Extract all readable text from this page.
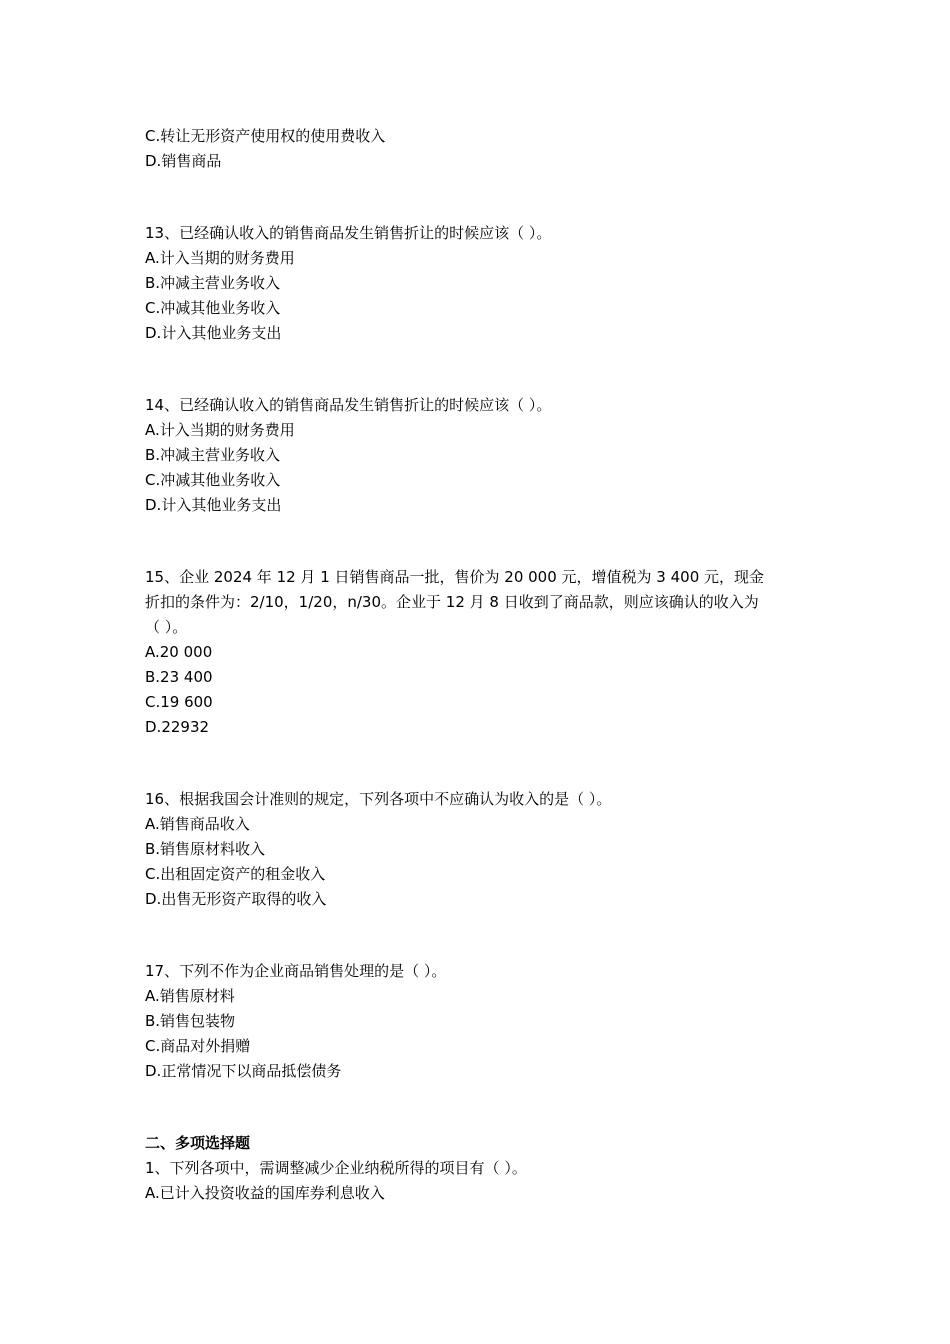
C.转让无形资产使用权的使用费收入
D.销售商品
13、已经确认收入的销售商品发生销售折让的时候应该（ ）。
A.计入当期的财务费用
B.冲减主营业务收入
C.冲减其他业务收入
D.计入其他业务支出
14、已经确认收入的销售商品发生销售折让的时候应该（ ）。
A.计入当期的财务费用
B.冲减主营业务收入
C.冲减其他业务收入
D.计入其他业务支出
15、企业 2024 年 12 月 1 日销售商品一批，售价为 20 000 元，增值税为 3 400 元，现金
折扣的条件为：2/10，1/20，n/30。企业于 12 月 8 日收到了商品款，则应该确认的收入为
（ ）。
A.20 000
B.23 400
C.19 600
D.22932
16、根据我国会计准则的规定，下列各项中不应确认为收入的是（ ）。
A.销售商品收入
B.销售原材料收入
C.出租固定资产的租金收入
D.出售无形资产取得的收入
17、下列不作为企业商品销售处理的是（ ）。
A.销售原材料
B.销售包装物
C.商品对外捐赠
D.正常情况下以商品抵偿债务
二、多项选择题
1、下列各项中，需调整减少企业纳税所得的项目有（ ）。
A.已计入投资收益的国库券利息收入
